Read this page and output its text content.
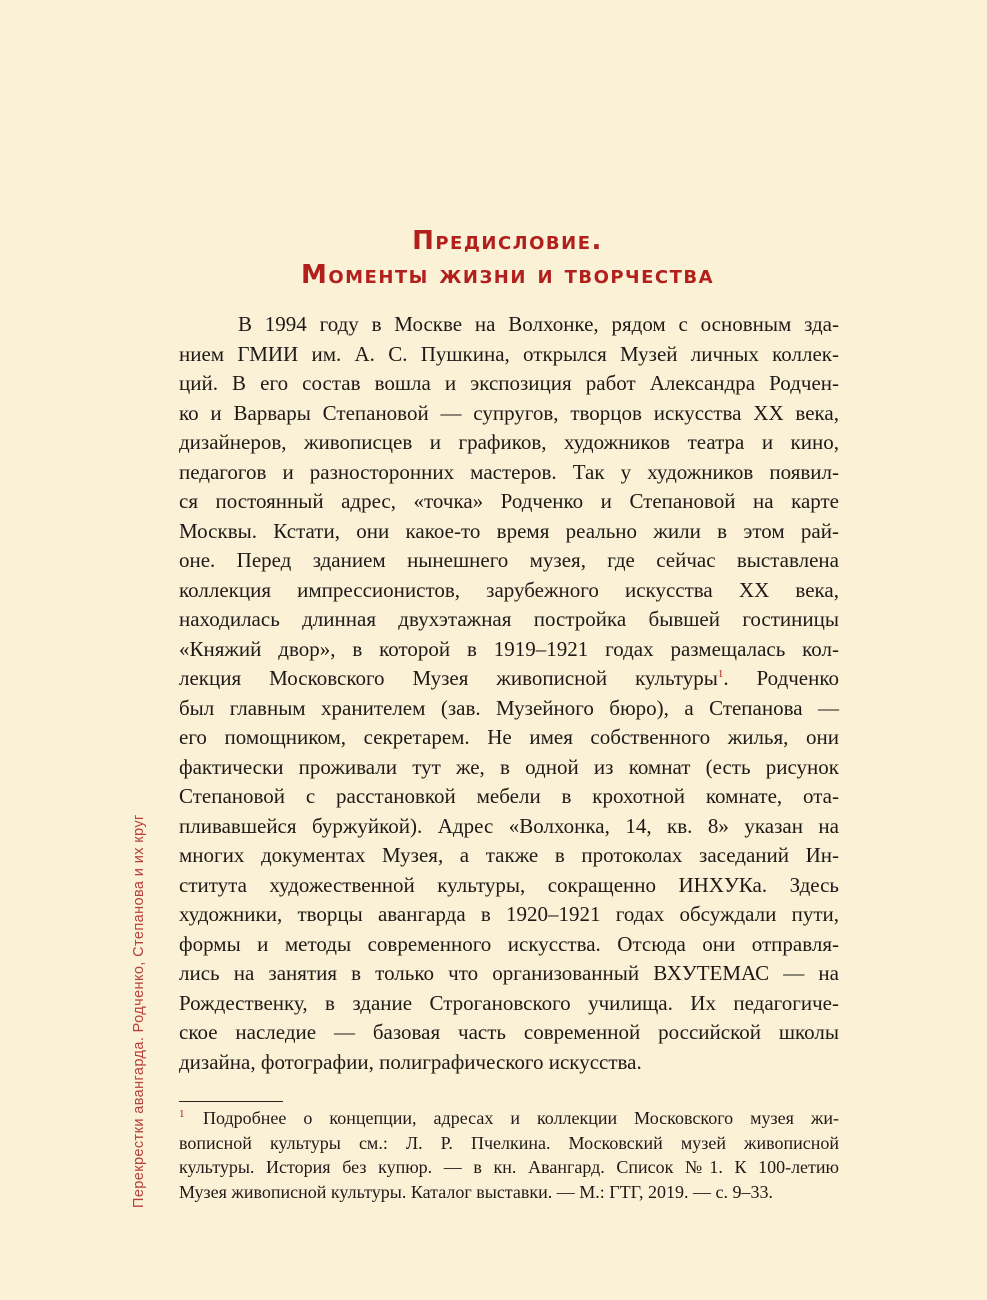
Перекрестки авангарда. Родченко, Степанова и их круг
Предисловие.
Моменты жизни и творчества
В 1994 году в Москве на Волхонке, рядом с основным зда-
нием ГМИИ им. А. С. Пушкина, открылся Музей личных коллек-
ций. В его состав вошла и экспозиция работ Александра Родчен-
ко и Варвары Степановой — супругов, творцов искусства XX века,
дизайнеров, живописцев и графиков, художников театра и кино,
педагогов и разносторонних мастеров. Так у художников появил-
ся постоянный адрес, «точка» Родченко и Степановой на карте
Москвы. Кстати, они какое-то время реально жили в этом рай-
оне. Перед зданием нынешнего музея, где сейчас выставлена
коллекция импрессионистов, зарубежного искусства XX века,
находилась длинная двухэтажная постройка бывшей гостиницы
«Княжий двор», в которой в 1919–1921 годах размещалась кол-
лекция Московского Музея живописной культуры$^1$. Родченко
был главным хранителем (зав. Музейного бюро), а Степанова —
его помощником, секретарем. Не имея собственного жилья, они
фактически проживали тут же, в одной из комнат (есть рисунок
Степановой с расстановкой мебели в крохотной комнате, ота-
пливавшейся буржуйкой). Адрес «Волхонка, 14, кв. 8» указан на
многих документах Музея, а также в протоколах заседаний Ин-
ститута художественной культуры, сокращенно ИНХУКа. Здесь
художники, творцы авангарда в 1920–1921 годах обсуждали пути,
формы и методы современного искусства. Отсюда они отправля-
лись на занятия в только что организованный ВХУТЕМАС — на
Рождественку, в здание Строгановского училища. Их педагогиче-
ское наследие — базовая часть современной российской школы
дизайна, фотографии, полиграфического искусства.
1 Подробнее о концепции, адресах и коллекции Московского музея жи-
вописной культуры см.: Л. Р. Пчелкина. Московский музей живописной
культуры. История без купюр. — в кн. Авангард. Список №1. К 100-летию
Музея живописной культуры. Каталог выставки. — М.: ГТГ, 2019. — с. 9–33.
